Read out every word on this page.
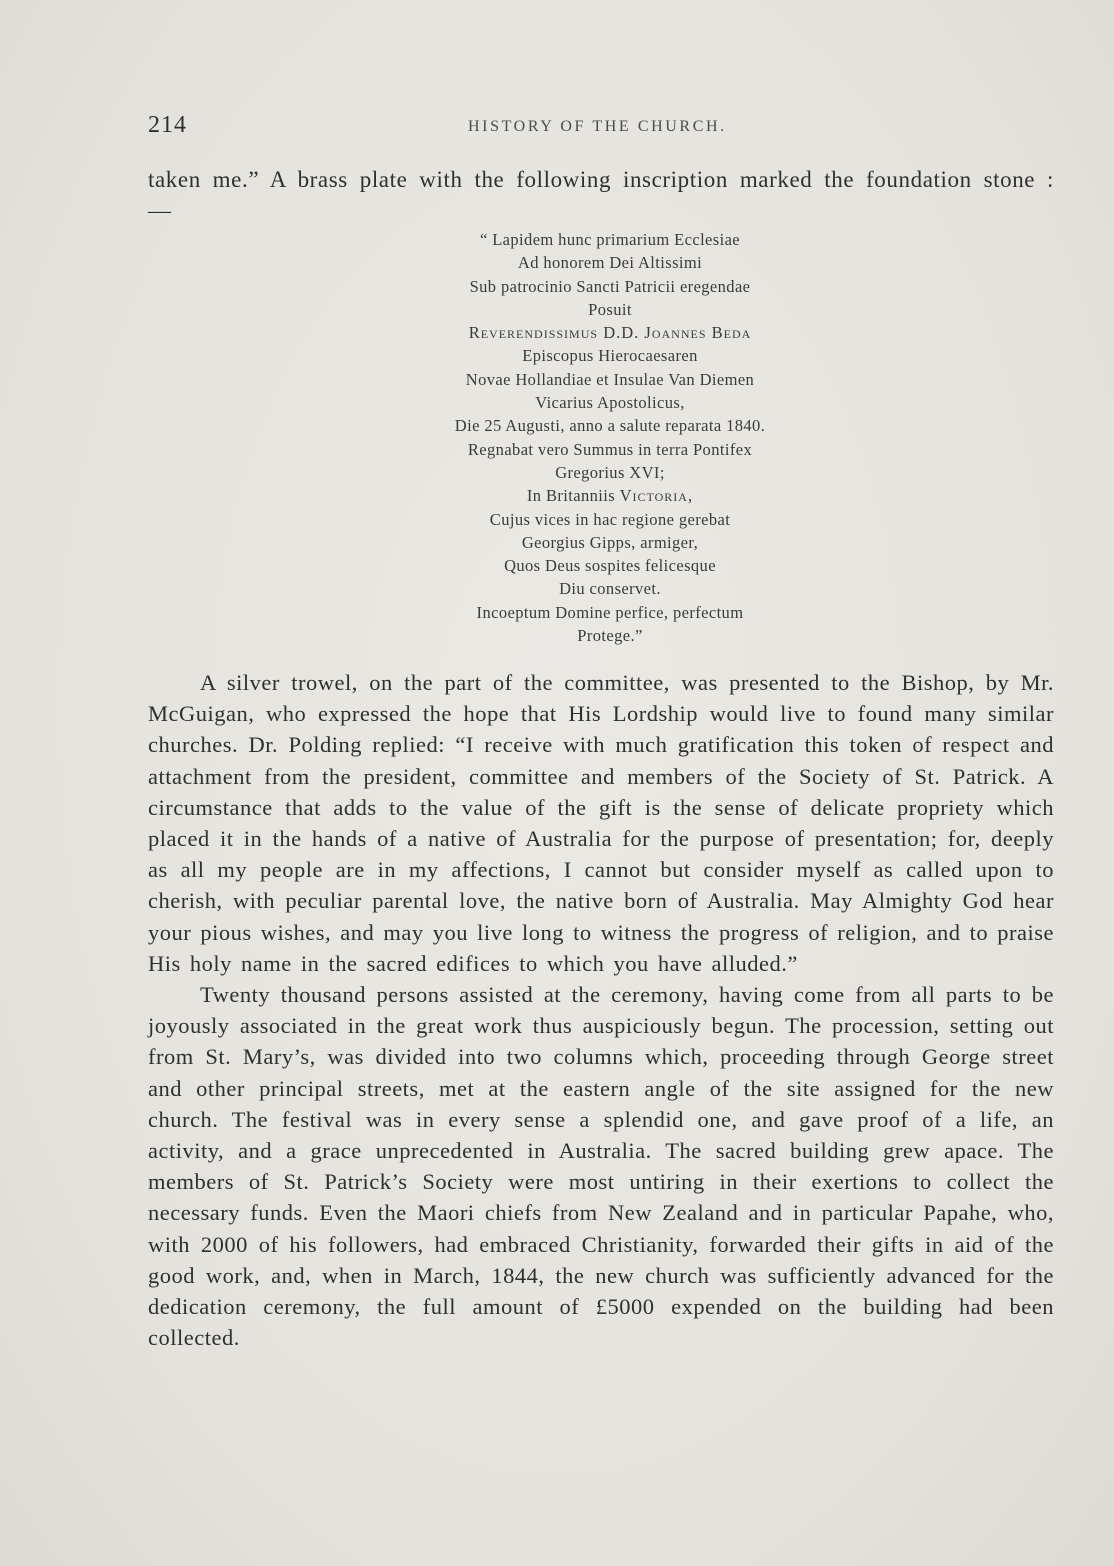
214	HISTORY OF THE CHURCH.
taken me.” A brass plate with the following inscription marked the foundation stone :—
“ Lapidem hunc primarium Ecclesiae
Ad honorem Dei Altissimi
Sub patrocinio Sancti Patricii eregendae
Posuit
Reverendissimus D.D. Joannes Beda
Episcopus Hierocaesaren
Novae Hollandiae et Insulae Van Diemen
Vicarius Apostolicus,
Die 25 Augusti, anno a salute reparata 1840.
Regnabat vero Summus in terra Pontifex
Gregorius XVI;
In Britanniis Victoria,
Cujus vices in hac regione gerebat
Georgius Gipps, armiger,
Quos Deus sospites felicesque
Diu conservet.
Incoeptum Domine perfice, perfectum
Protege.”

A silver trowel, on the part of the committee, was presented to the Bishop, by Mr. McGuigan, who expressed the hope that His Lordship would live to found many similar churches. Dr. Polding replied: “I receive with much gratification this token of respect and attachment from the president, committee and members of the Society of St. Patrick. A circumstance that adds to the value of the gift is the sense of delicate propriety which placed it in the hands of a native of Australia for the purpose of presentation; for, deeply as all my people are in my affections, I cannot but consider myself as called upon to cherish, with peculiar parental love, the native born of Australia. May Almighty God hear your pious wishes, and may you live long to witness the progress of religion, and to praise His holy name in the sacred edifices to which you have alluded.”

Twenty thousand persons assisted at the ceremony, having come from all parts to be joyously associated in the great work thus auspiciously begun. The procession, setting out from St. Mary’s, was divided into two columns which, proceeding through George street and other principal streets, met at the eastern angle of the site assigned for the new church. The festival was in every sense a splendid one, and gave proof of a life, an activity, and a grace unprecedented in Australia. The sacred building grew apace. The members of St. Patrick’s Society were most untiring in their exertions to collect the necessary funds. Even the Maori chiefs from New Zealand and in particular Papahe, who, with 2000 of his followers, had embraced Christianity, forwarded their gifts in aid of the good work, and, when in March, 1844, the new church was sufficiently advanced for the dedication ceremony, the full amount of £5000 expended on the building had been collected.
